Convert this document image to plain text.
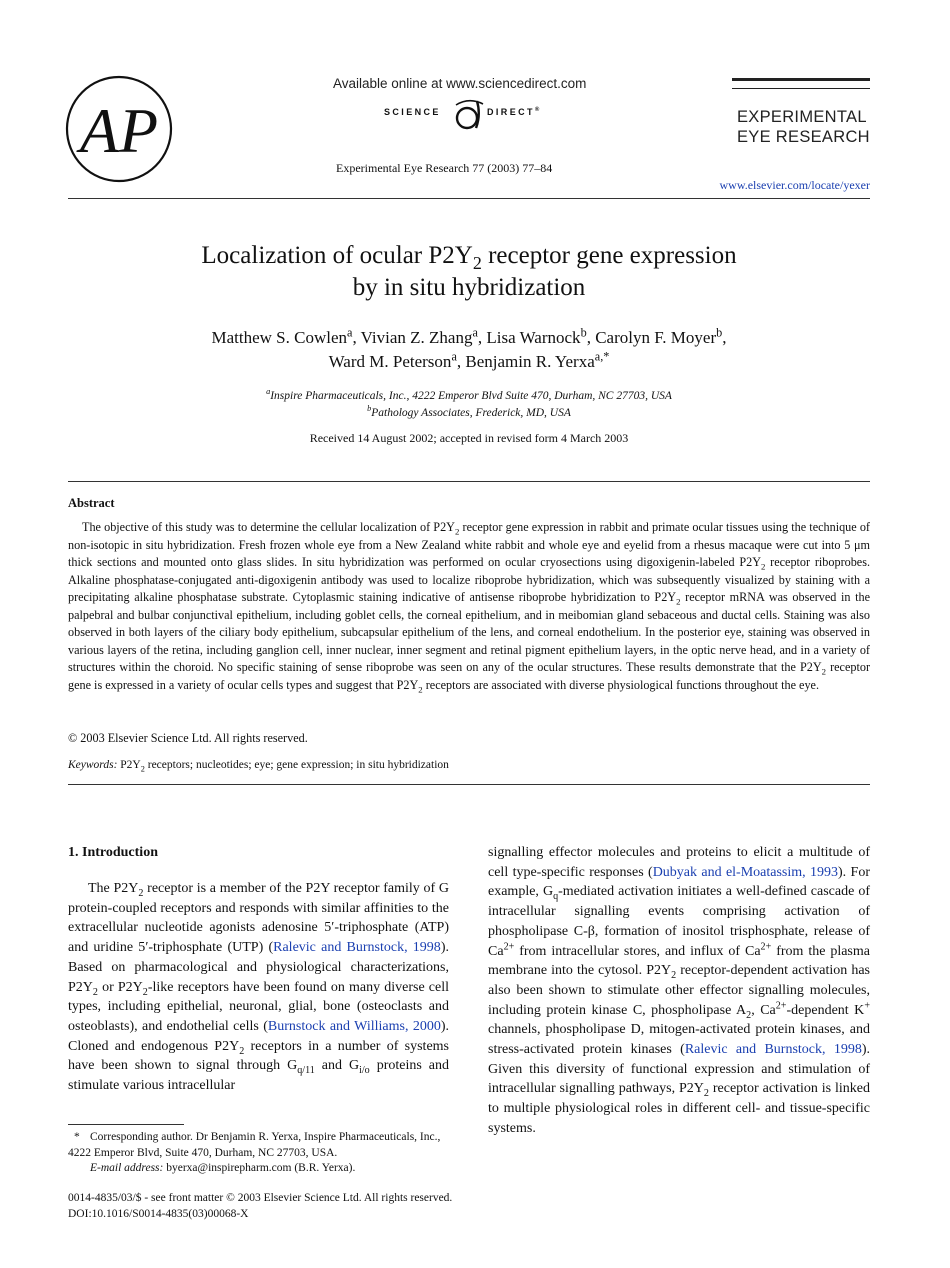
AP
Available online at www.sciencedirect.com
SCIENCE	DIRECT®
Experimental Eye Research 77 (2003) 77–84
EXPERIMENTAL
EYE RESEARCH
www.elsevier.com/locate/yexer
Localization of ocular $P2Y_2$ receptor gene expression
by in situ hybridization
Matthew S. Cowlen$^a$, Vivian Z. Zhang$^a$, Lisa Warnock$^b$, Carolyn F. Moyer$^b$,
Ward M. Peterson$^a$, Benjamin R. Yerxa$^{a,*}$
$^a$Inspire Pharmaceuticals, Inc., 4222 Emperor Blvd Suite 470, Durham, NC 27703, USA
$^b$Pathology Associates, Frederick, MD, USA
Received 14 August 2002; accepted in revised form 4 March 2003
Abstract
The objective of this study was to determine the cellular localization of $P2Y_2$ receptor gene expression in rabbit and primate ocular tissues using the technique of non-isotopic in situ hybridization. Fresh frozen whole eye from a New Zealand white rabbit and whole eye and eyelid from a rhesus macaque were cut into 5 μm thick sections and mounted onto glass slides. In situ hybridization was performed on ocular cryosections using digoxigenin-labeled $P2Y_2$ receptor riboprobes. Alkaline phosphatase-conjugated anti-digoxigenin antibody was used to localize riboprobe hybridization, which was subsequently visualized by staining with a precipitating alkaline phosphatase substrate. Cytoplasmic staining indicative of antisense riboprobe hybridization to $P2Y_2$ receptor mRNA was observed in the palpebral and bulbar conjunctival epithelium, including goblet cells, the corneal epithelium, and in meibomian gland sebaceous and ductal cells. Staining was also observed in both layers of the ciliary body epithelium, subcapsular epithelium of the lens, and corneal endothelium. In the posterior eye, staining was observed in various layers of the retina, including ganglion cell, inner nuclear, inner segment and retinal pigment epithelium layers, in the optic nerve head, and in a variety of structures within the choroid. No specific staining of sense riboprobe was seen on any of the ocular structures. These results demonstrate that the $P2Y_2$ receptor gene is expressed in a variety of ocular cells types and suggest that $P2Y_2$ receptors are associated with diverse physiological functions throughout the eye.
© 2003 Elsevier Science Ltd. All rights reserved.
Keywords: $P2Y_2$ receptors; nucleotides; eye; gene expression; in situ hybridization
1. Introduction
The $P2Y_2$ receptor is a member of the P2Y receptor family of G protein-coupled receptors and responds with similar affinities to the extracellular nucleotide agonists adenosine 5′-triphosphate (ATP) and uridine 5′-triphosphate (UTP) (Ralevic and Burnstock, 1998). Based on pharmacological and physiological characterizations, $P2Y_2$ or $P2Y_2$-like receptors have been found on many diverse cell types, including epithelial, neuronal, glial, bone (osteoclasts and osteoblasts), and endothelial cells (Burnstock and Williams, 2000). Cloned and endogenous $P2Y_2$ receptors in a number of systems have been shown to signal through $G_{q/11}$ and $G_{i/o}$ proteins and stimulate various intracellular
signalling effector molecules and proteins to elicit a multitude of cell type-specific responses (Dubyak and el-Moatassim, 1993). For example, $G_q$-mediated activation initiates a well-defined cascade of intracellular signalling events comprising activation of phospholipase C-β, formation of inositol trisphosphate, release of $Ca^{2+}$ from intracellular stores, and influx of $Ca^{2+}$ from the plasma membrane into the cytosol. $P2Y_2$ receptor-dependent activation has also been shown to stimulate other effector signalling molecules, including protein kinase C, phospholipase $A_2$, $Ca^{2+}$-dependent K+ channels, phospholipase D, mitogen-activated protein kinases, and stress-activated protein kinases (Ralevic and Burnstock, 1998). Given this diversity of functional expression and stimulation of intracellular signalling pathways, $P2Y_2$ receptor activation is linked to multiple physiological roles in different cell- and tissue-specific systems.
* Corresponding author. Dr Benjamin R. Yerxa, Inspire Pharmaceuticals, Inc., 4222 Emperor Blvd, Suite 470, Durham, NC 27703, USA.
E-mail address: byerxa@inspirepharm.com (B.R. Yerxa).
0014-4835/03/$ - see front matter © 2003 Elsevier Science Ltd. All rights reserved.
DOI:10.1016/S0014-4835(03)00068-X
